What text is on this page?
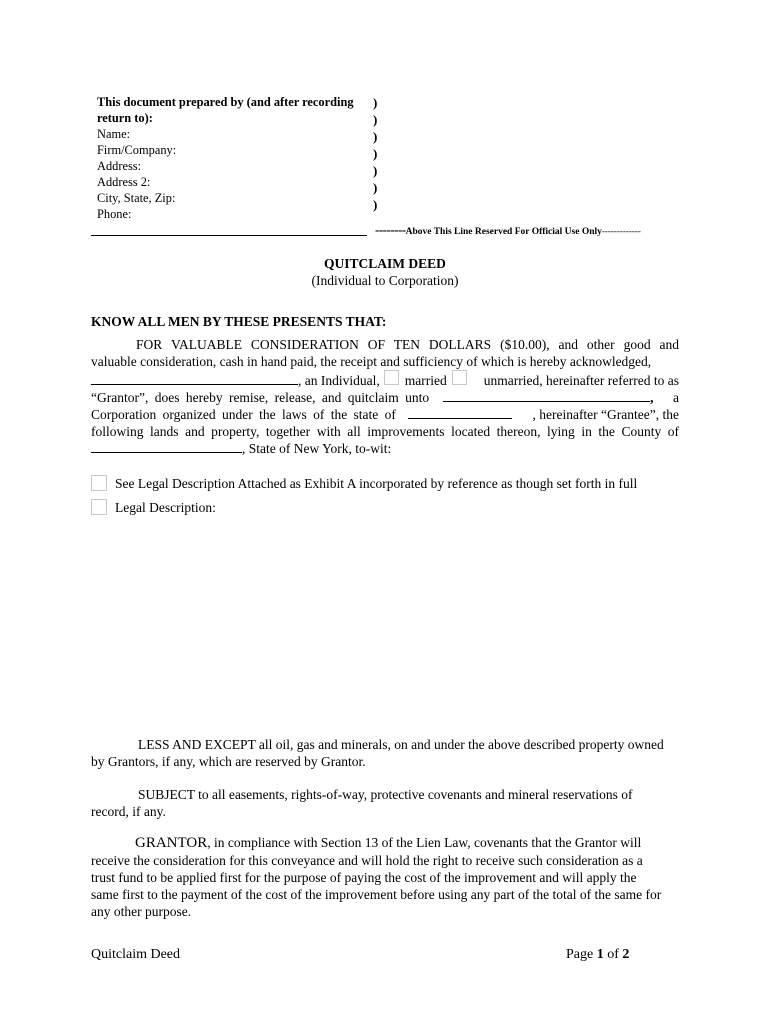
This document prepared by (and after recording
return to):
Name:
Firm/Company:
Address:
Address 2:
City, State, Zip:
Phone:
)
)
)
)
)
)
)
--------Above This Line Reserved For Official Use Only-------------
QUITCLAIM DEED
(Individual to Corporation)
KNOW ALL MEN BY THESE PRESENTS THAT:
FOR VALUABLE CONSIDERATION OF TEN DOLLARS ($10.00), and other good and
valuable consideration, cash in hand paid, the receipt and sufficiency of which is hereby acknowledged,
, an Individual, married	unmarried, hereinafter referred to as
“Grantor”, does hereby remise, release, and quitclaim unto	,	a
Corporation organized under the laws of the state of	, hereinafter “Grantee”, the
following lands and property, together with all improvements located thereon, lying in the County of
, State of New York, to-wit:
See Legal Description Attached as Exhibit A incorporated by reference as though set forth in full
Legal Description:
LESS AND EXCEPT all oil, gas and minerals, on and under the above described property owned
by Grantors, if any, which are reserved by Grantor.
SUBJECT to all easements, rights-of-way, protective covenants and mineral reservations of
record, if any.
GRANTOR, in compliance with Section 13 of the Lien Law, covenants that the Grantor will
receive the consideration for this conveyance and will hold the right to receive such consideration as a
trust fund to be applied first for the purpose of paying the cost of the improvement and will apply the
same first to the payment of the cost of the improvement before using any part of the total of the same for
any other purpose.
Quitclaim Deed	Page 1 of 2
